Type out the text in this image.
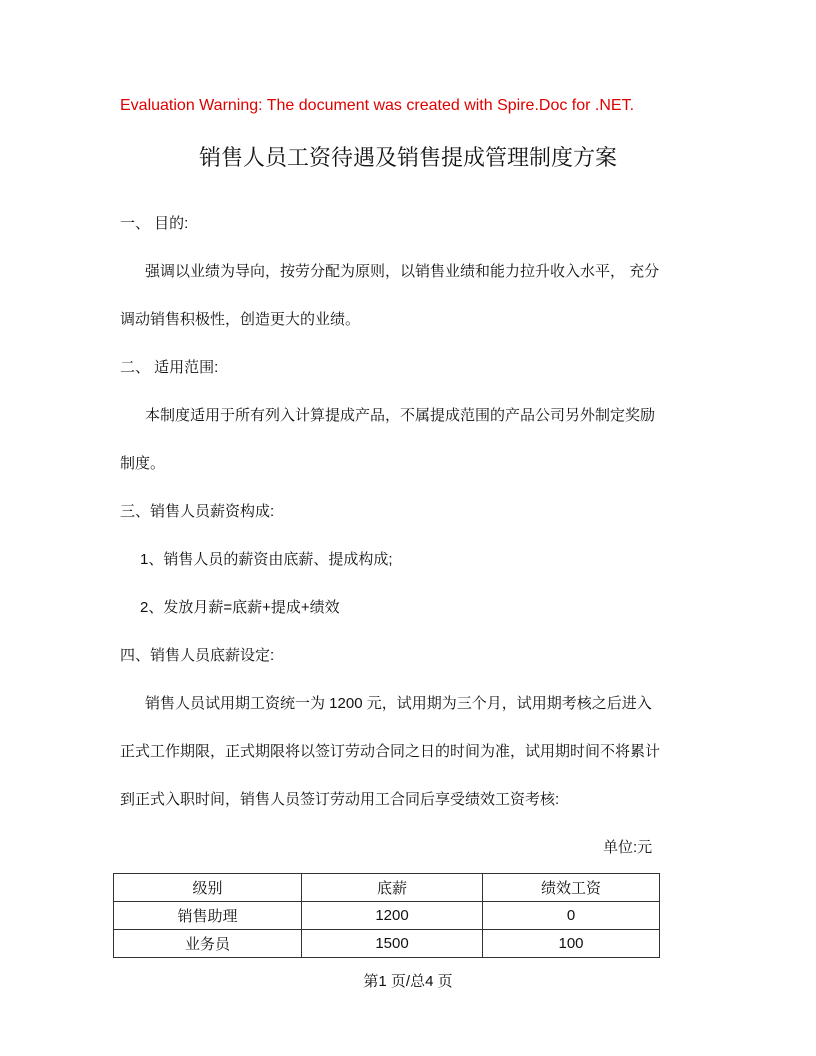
Evaluation Warning: The document was created with Spire.Doc for .NET.
销售人员工资待遇及销售提成管理制度方案
一、 目的:
强调以业绩为导向，按劳分配为原则，以销售业绩和能力拉升收入水平， 充分
调动销售积极性，创造更大的业绩。
二、 适用范围:
本制度适用于所有列入计算提成产品，不属提成范围的产品公司另外制定奖励
制度。
三、销售人员薪资构成:
1、销售人员的薪资由底薪、提成构成;
2、发放月薪=底薪+提成+绩效
四、销售人员底薪设定:
销售人员试用期工资统一为 1200 元，试用期为三个月，试用期考核之后进入
正式工作期限，正式期限将以签订劳动合同之日的时间为准，试用期时间不将累计
到正式入职时间，销售人员签订劳动用工合同后享受绩效工资考核:
单位:元
级别	底薪	绩效工资
销售助理	1200	0
业务员	1500	100
第1 页/总4 页
